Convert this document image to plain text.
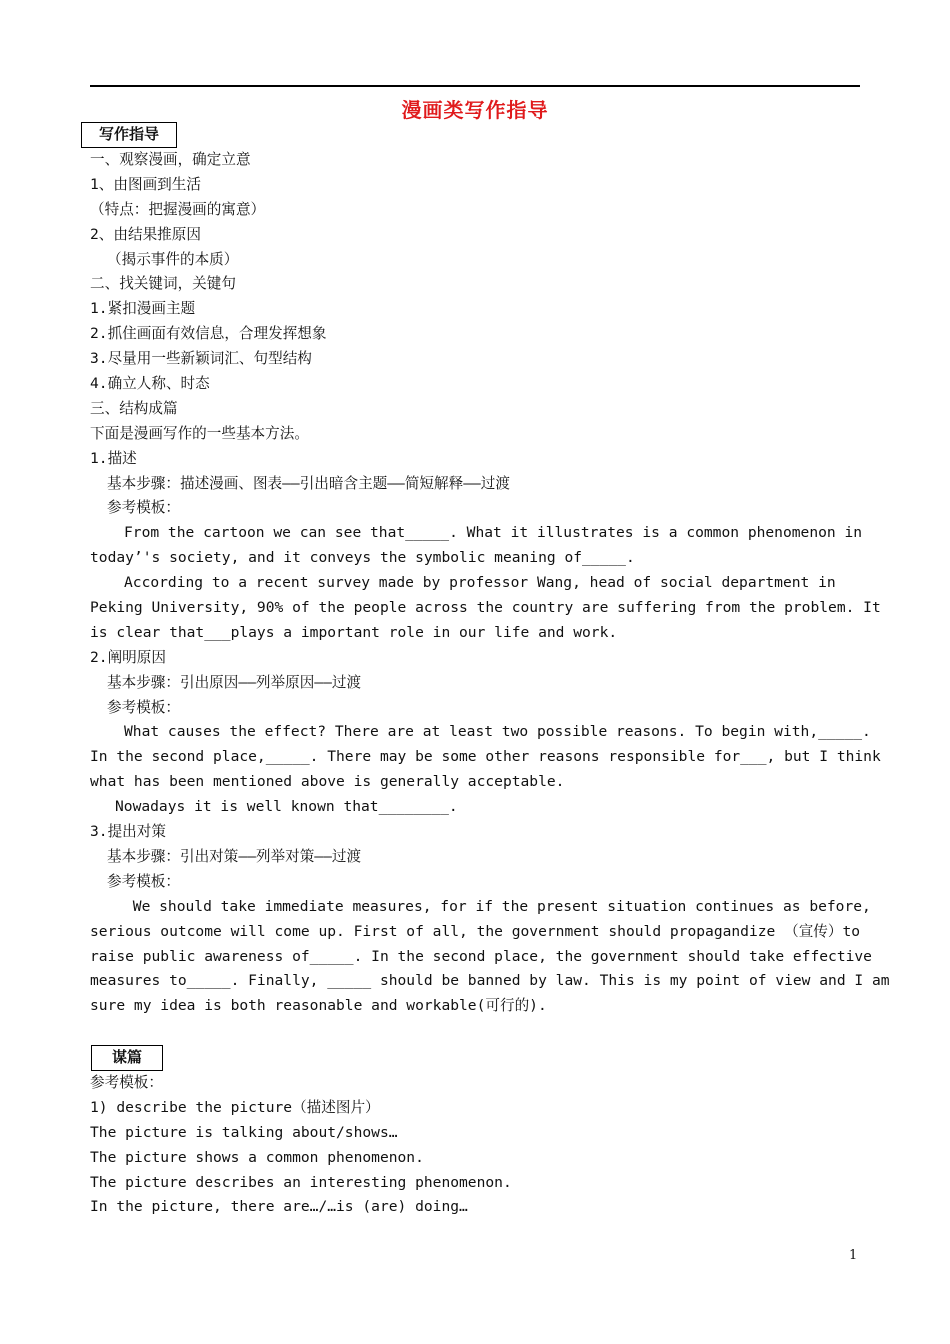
漫画类写作指导
写作指导
一、观察漫画，确定立意
1、由图画到生活
（特点：把握漫画的寓意）
2、由结果推原因
（揭示事件的本质）
二、找关键词，关键句
1.紧扣漫画主题
2.抓住画面有效信息，合理发挥想象
3.尽量用一些新颖词汇、句型结构
4.确立人称、时态
三、结构成篇
下面是漫画写作的一些基本方法。
1.描述
基本步骤：描述漫画、图表——引出暗含主题——简短解释——过渡
参考模板：
From the cartoon we can see that_____. What it illustrates is a common phenomenon in
today’'s society, and it conveys the symbolic meaning of_____.
According to a recent survey made by professor Wang, head of social department in
Peking University, 90% of the people across the country are suffering from the problem. It
is clear that___plays a important role in our life and work.
2.阐明原因
基本步骤：引出原因——列举原因——过渡
参考模板：
What causes the effect? There are at least two possible reasons. To begin with,_____.
In the second place,_____. There may be some other reasons responsible for___, but I think
what has been mentioned above is generally acceptable.
Nowadays it is well known that________.
3.提出对策
基本步骤：引出对策——列举对策——过渡
参考模板：
We should take immediate measures, for if the present situation continues as before,
serious outcome will come up. First of all, the government should propagandize （宣传）to
raise public awareness of_____. In the second place, the government should take effective
measures to_____. Finally, _____ should be banned by law. This is my point of view and I am
sure my idea is both reasonable and workable(可行的).
谋篇
参考模板：
1) describe the picture（描述图片）
The picture is talking about/shows…
The picture shows a common phenomenon.
The picture describes an interesting phenomenon.
In the picture, there are…/…is (are) doing…
1
